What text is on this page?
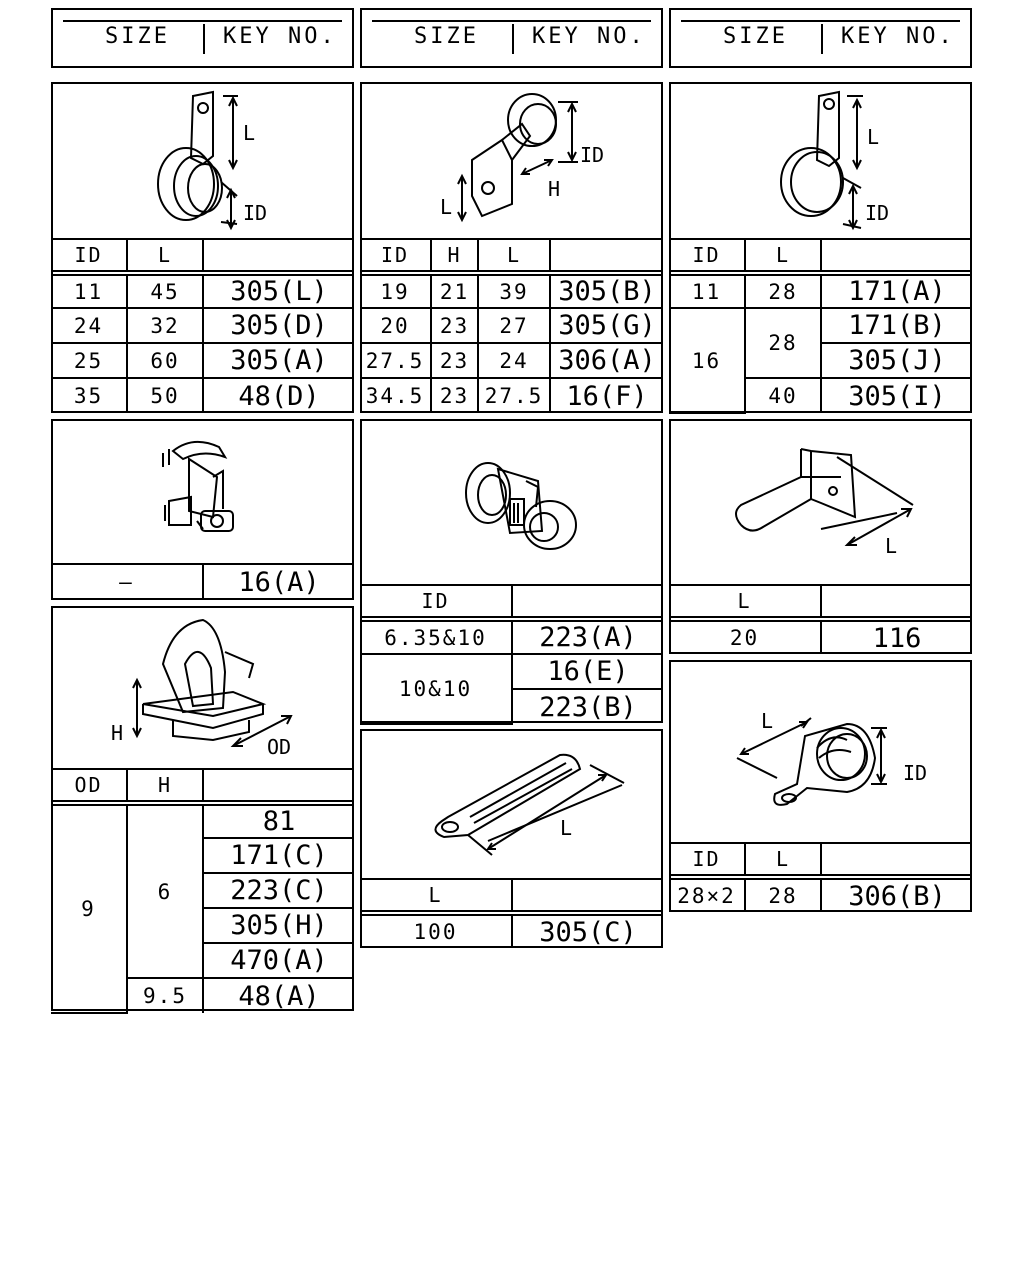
SIZE KEY NO.	SIZE KEY NO.	SIZE KEY NO.
L
ID
ID	L	
11	45	305(L)
24	32	305(D)
25	60	305(A)
35	50	48(D)
L
H
ID
ID	H	L	
19	21	39	305(B)
20	23	27	305(G)
27.5	23	24	306(A)
34.5	23	27.5	16(F)
L
ID
ID	L	
11	28	171(A)
16	28	171(B)
		305(J)
	40	305(I)
—	16(A)
ID	
6.35&10	223(A)
10&10	16(E)
	223(B)
L
L	
20	116
H
OD
OD	H	
9	6	81
		171(C)
		223(C)
		305(H)
		470(A)
	9.5	48(A)
L
L	
100	305(C)
L
ID
ID	L	
28×2	28	306(B)
